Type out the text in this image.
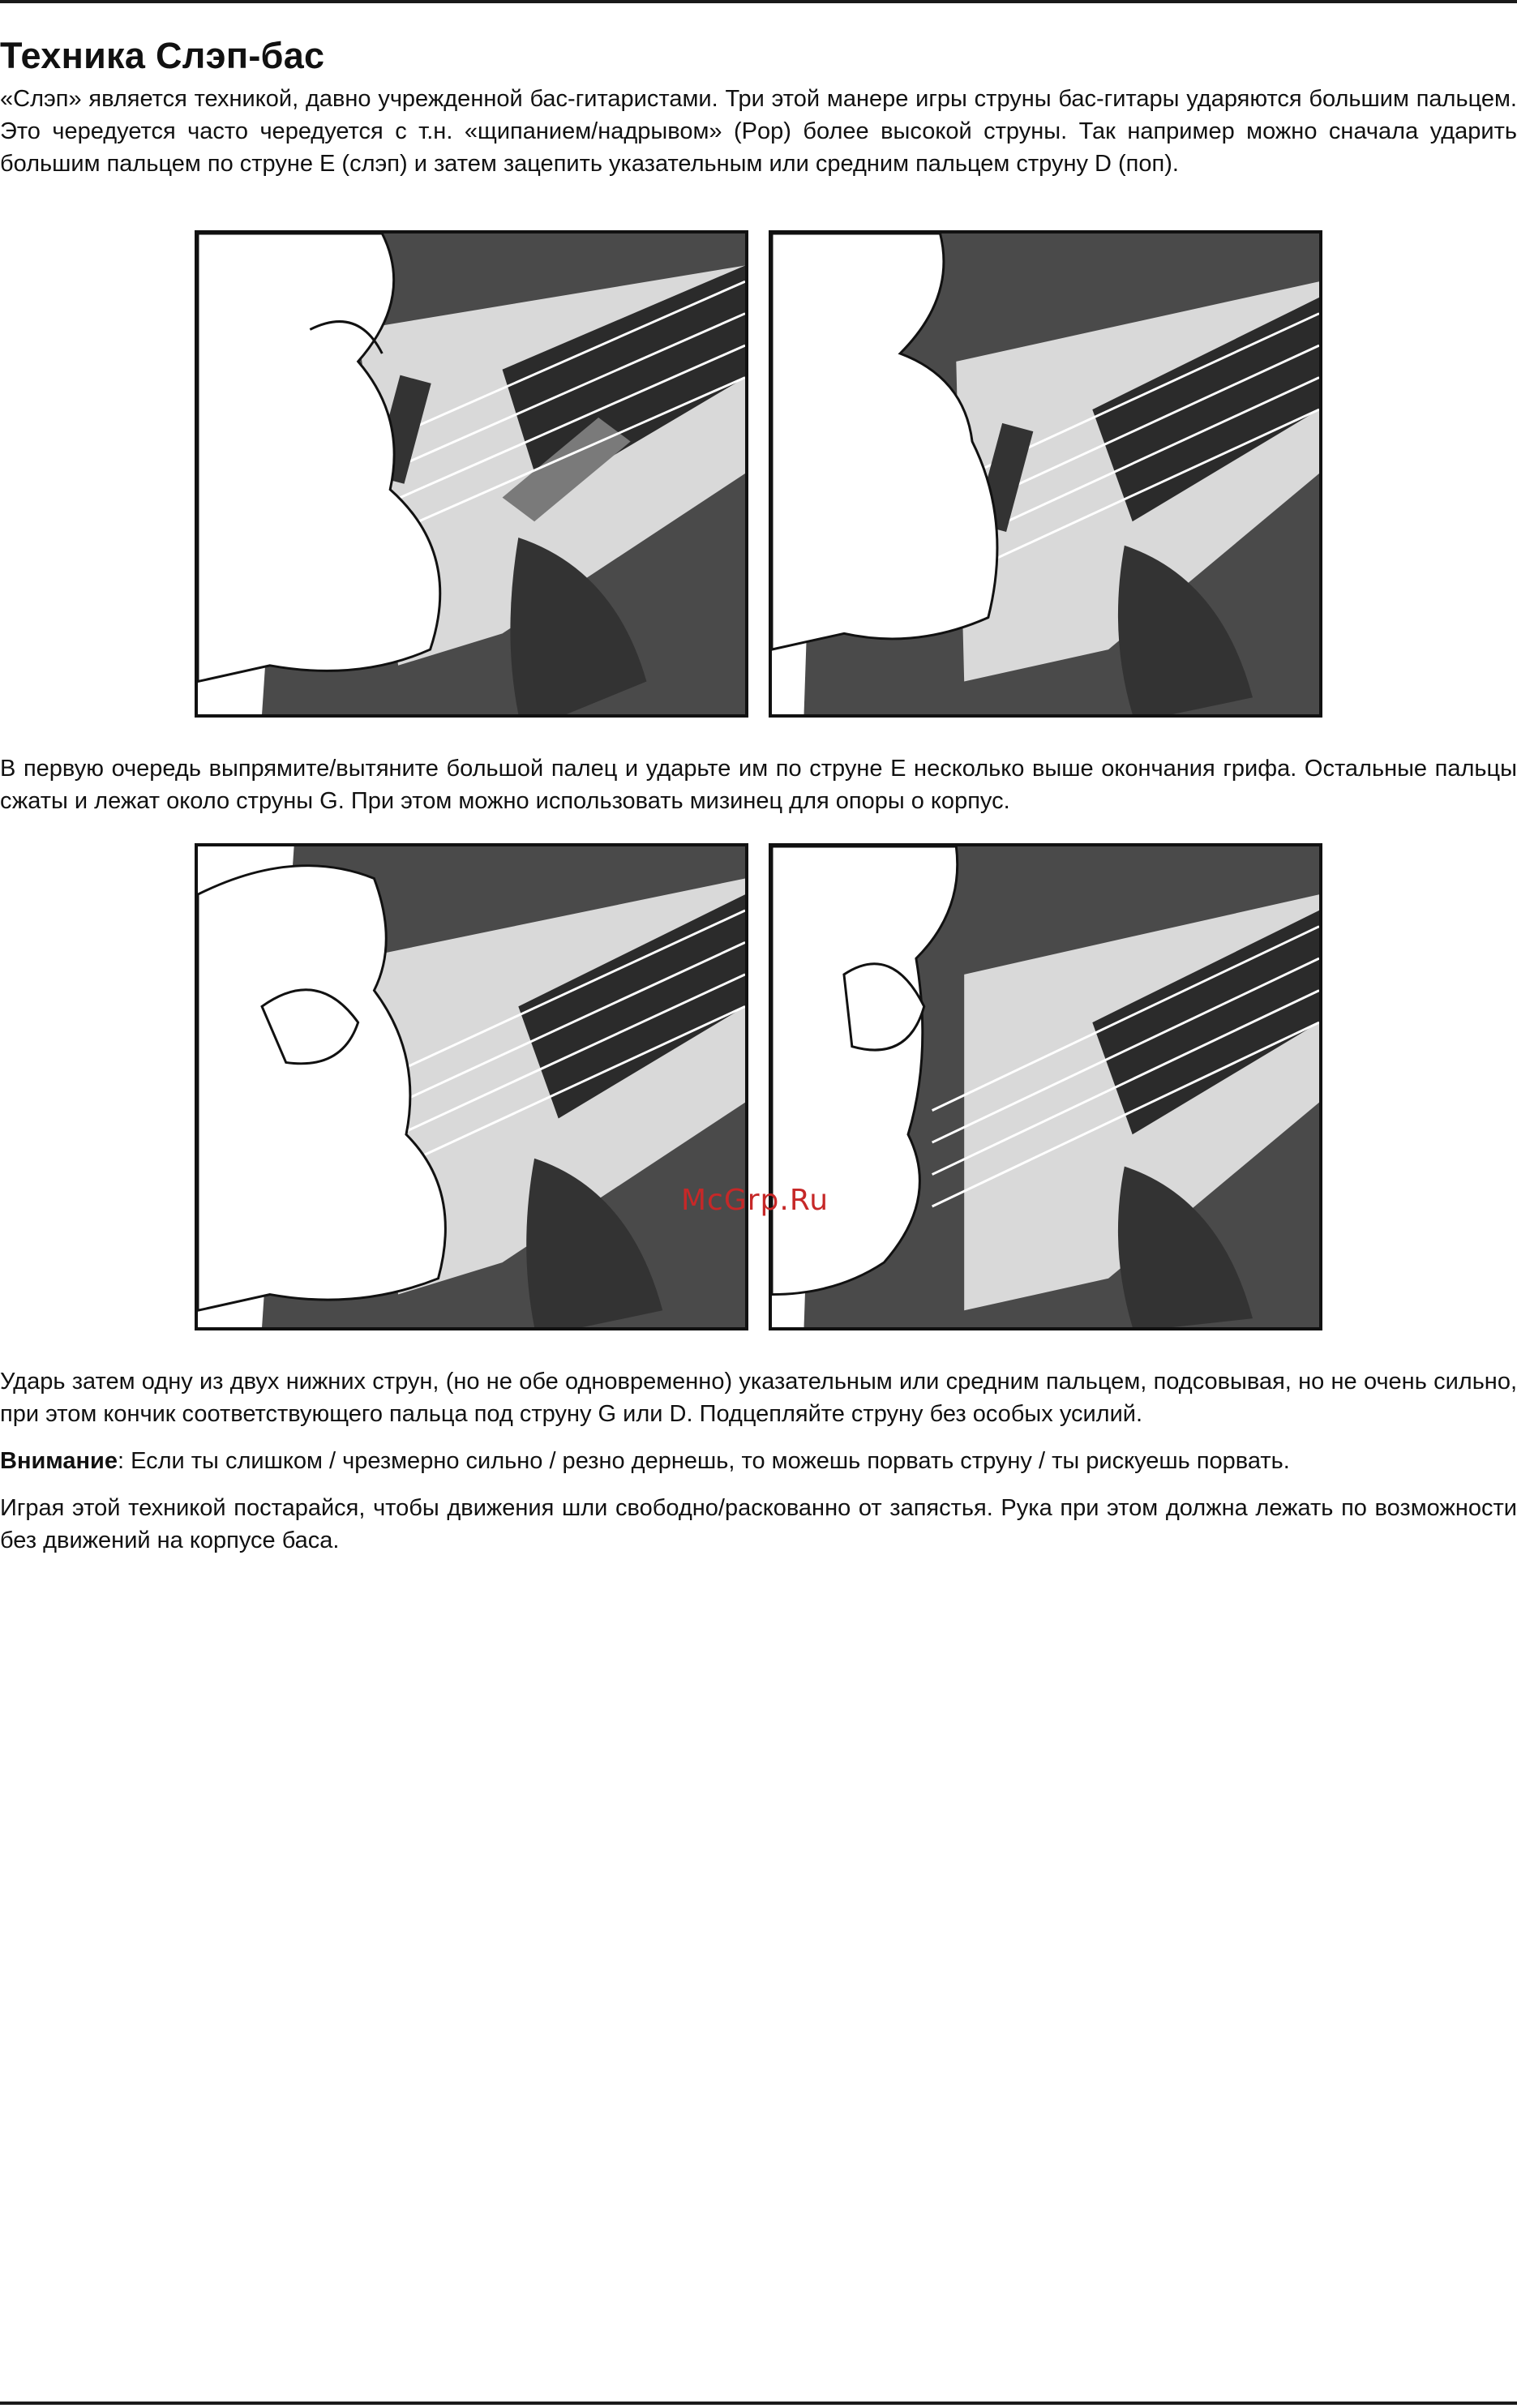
Техника Слэп-бас

«Слэп» является техникой, давно учрежденной бас-гитаристами. Три этой манере игры струны бас-гитары ударяются большим пальцем. Это чередуется часто чередуется с т.н. «щипанием/надрывом» (Pop) более высокой струны. Так например можно сначала ударить большим пальцем по струне E (слэп) и затем зацепить указательным или средним пальцем струну D (поп).

В первую очередь выпрямите/вытяните большой палец и ударьте им по струне E несколько выше окончания грифа. Остальные пальцы сжаты и лежат около струны G. При этом можно использовать мизинец для опоры о корпус.

McGrp.Ru

Ударь затем одну из двух нижних струн, (но не обе одновременно) указательным или средним пальцем, подсовывая, но не очень сильно, при этом кончик соответствующего пальца под струну G или D. Подцепляйте струну без особых усилий.

Внимание: Если ты слишком / чрезмерно сильно / резно дернешь, то можешь порвать струну / ты рискуешь порвать.

Играя этой техникой постарайся, чтобы движения шли свободно/раскованно от запястья. Рука при этом должна лежать по возможности без движений на корпусе баса.
